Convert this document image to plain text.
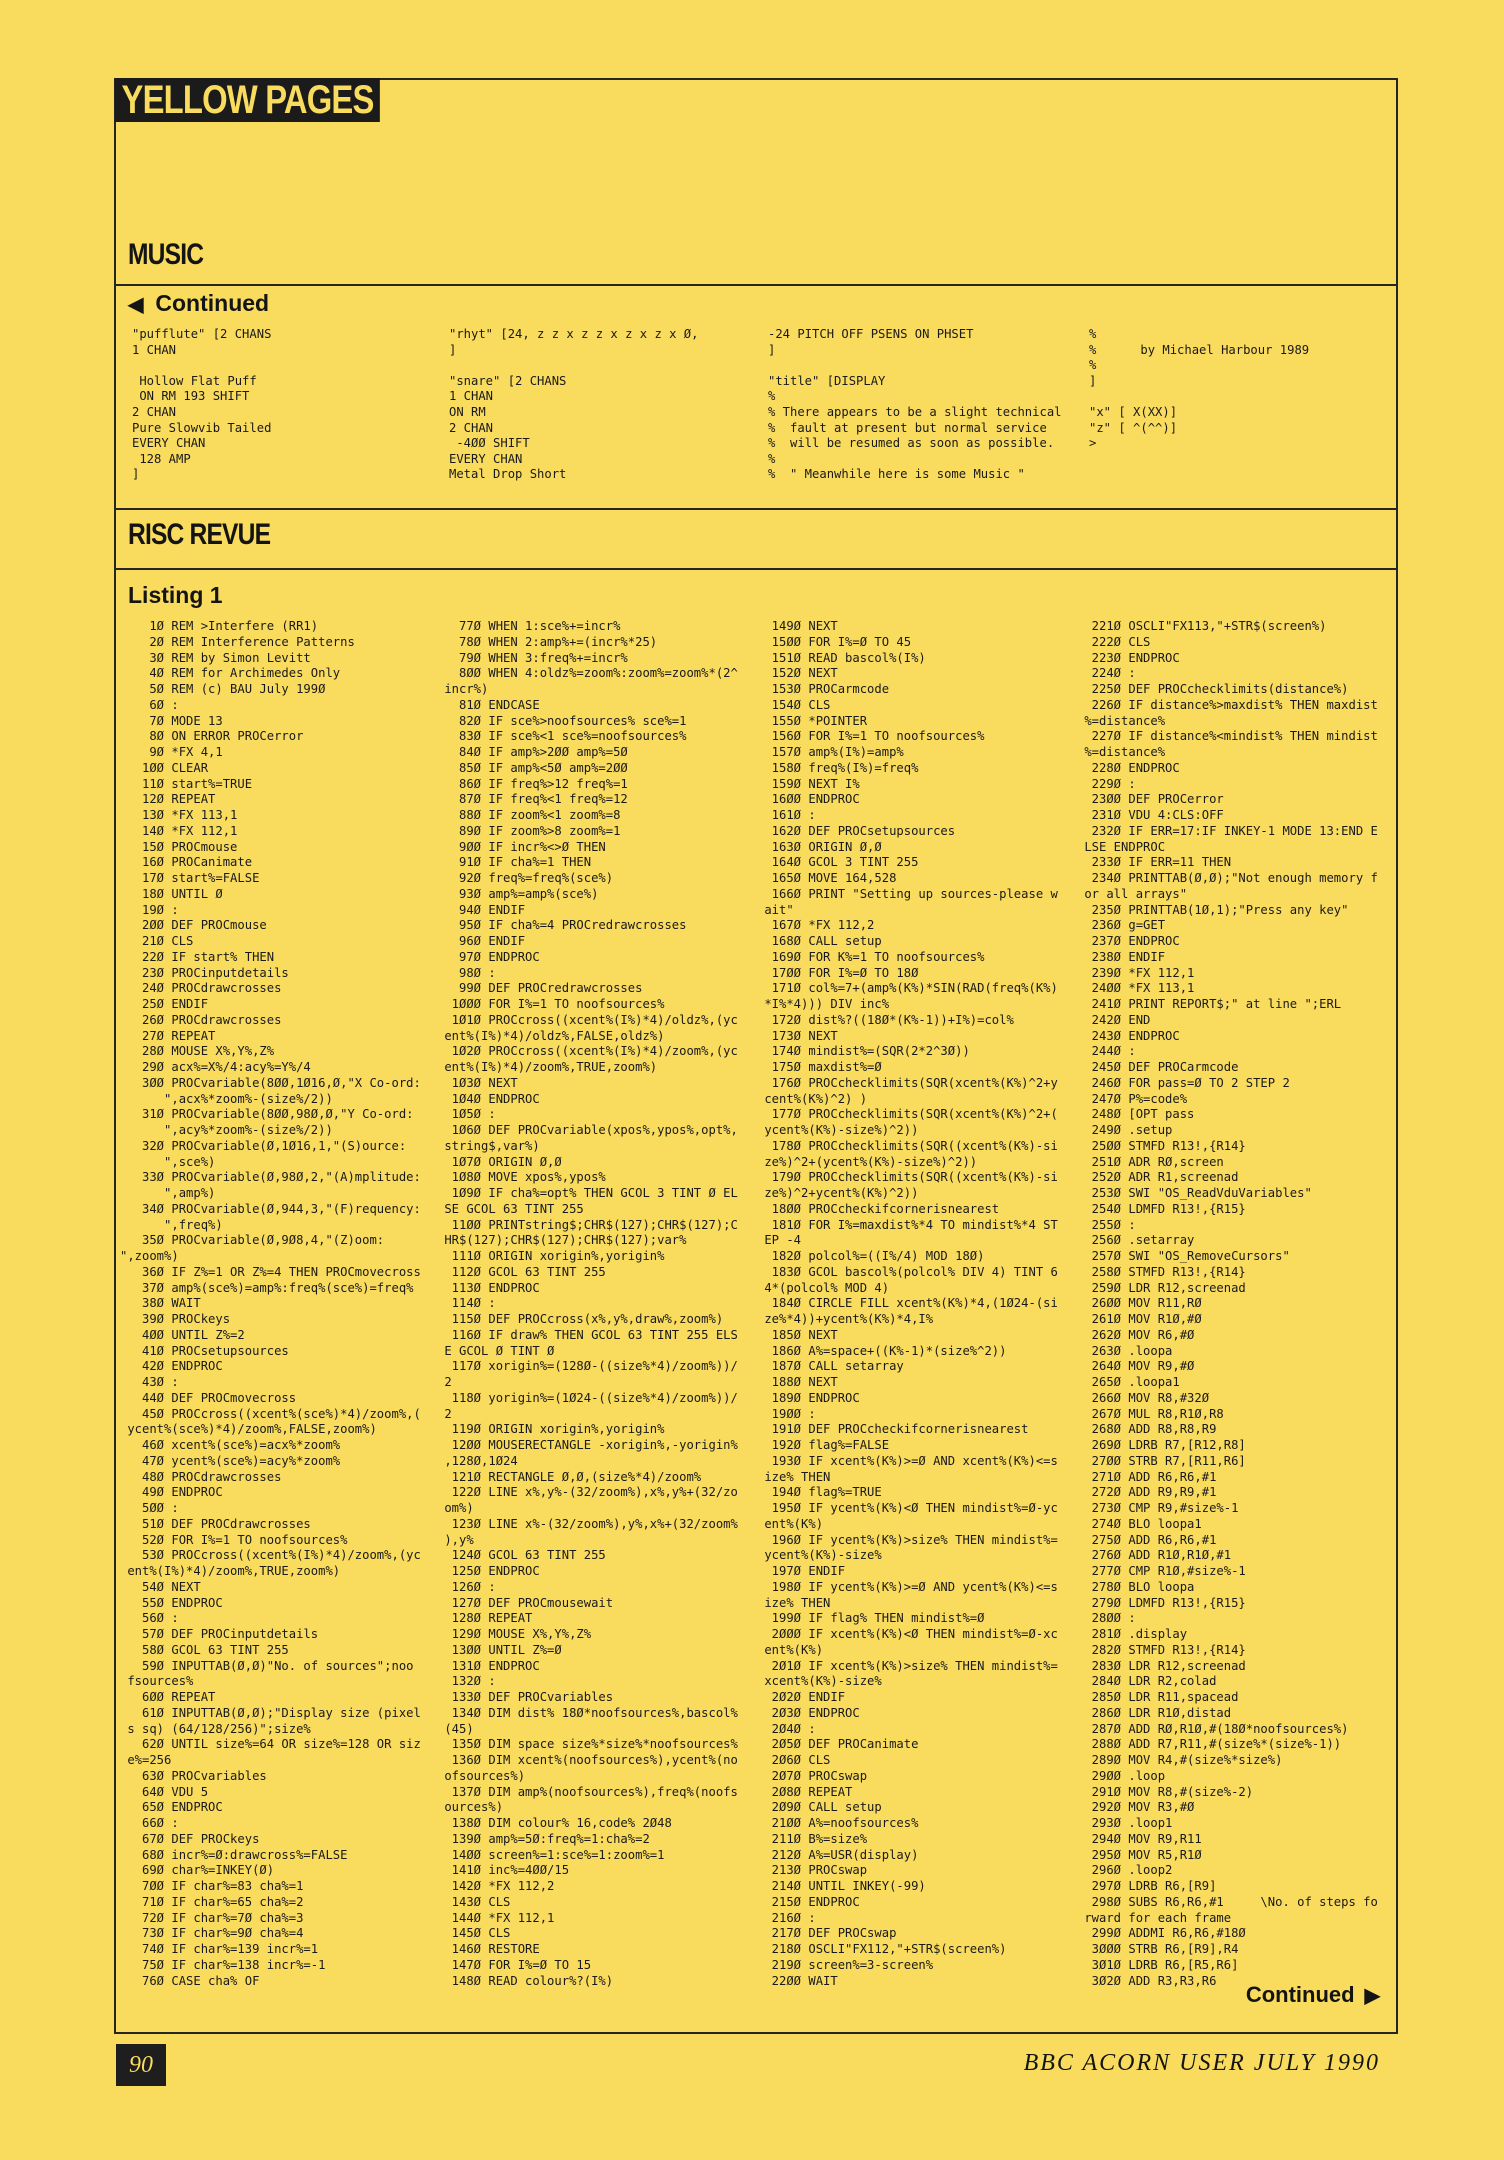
YELLOW PAGES
MUSIC
◀ Continued
"pufflute" [2 CHANS
1 CHAN

Hollow Flat Puff
ON RM 193 SHIFT
2 CHAN
Pure Slowvib Tailed
EVERY CHAN
128 AMP
]
"rhyt" [24, z z x z z x z x z x Ø,
]

"snare" [2 CHANS
1 CHAN
ON RM
2 CHAN
-4ØØ SHIFT
EVERY CHAN
Metal Drop Short
-24 PITCH OFF PSENS ON PHSET
]

"title" [DISPLAY
%
% There appears to be a slight technical
%  fault at present but normal service
%  will be resumed as soon as possible.
%
%  " Meanwhile here is some Music "
%
%      by Michael Harbour 1989
%
]

"x" [ X(XX)]
"z" [ ^(^^)]
>
RISC REVUE
Listing 1
1Ø REM >Interfere (RR1)
2Ø REM Interference Patterns
3Ø REM by Simon Levitt
4Ø REM for Archimedes Only
5Ø REM (c) BAU July 199Ø
6Ø :
7Ø MODE 13
8Ø ON ERROR PROCerror
9Ø *FX 4,1
1ØØ CLEAR
11Ø start%=TRUE
12Ø REPEAT
13Ø *FX 113,1
14Ø *FX 112,1
15Ø PROCmouse
16Ø PROCanimate
17Ø start%=FALSE
18Ø UNTIL Ø
19Ø :
2ØØ DEF PROCmouse
21Ø CLS
22Ø IF start% THEN
23Ø PROCinputdetails
24Ø PROCdrawcrosses
25Ø ENDIF
26Ø PROCdrawcrosses
27Ø REPEAT
28Ø MOUSE X%,Y%,Z%
29Ø acx%=X%/4:acy%=Y%/4
3ØØ PROCvariable(8ØØ,1Ø16,Ø,"X Co-ord:
",acx%*zoom%-(size%/2))
31Ø PROCvariable(8ØØ,98Ø,Ø,"Y Co-ord:
",acy%*zoom%-(size%/2))
32Ø PROCvariable(Ø,1Ø16,1,"(S)ource:
",sce%)
33Ø PROCvariable(Ø,98Ø,2,"(A)mplitude:
",amp%)
34Ø PROCvariable(Ø,944,3,"(F)requency:
",freq%)
35Ø PROCvariable(Ø,9Ø8,4,"(Z)oom:
",zoom%)
36Ø IF Z%=1 OR Z%=4 THEN PROCmovecross
37Ø amp%(sce%)=amp%:freq%(sce%)=freq%
38Ø WAIT
39Ø PROCkeys
4ØØ UNTIL Z%=2
41Ø PROCsetupsources
42Ø ENDPROC
43Ø :
44Ø DEF PROCmovecross
45Ø PROCcross((xcent%(sce%)*4)/zoom%,(
ycent%(sce%)*4)/zoom%,FALSE,zoom%)
46Ø xcent%(sce%)=acx%*zoom%
47Ø ycent%(sce%)=acy%*zoom%
48Ø PROCdrawcrosses
49Ø ENDPROC
5ØØ :
51Ø DEF PROCdrawcrosses
52Ø FOR I%=1 TO noofsources%
53Ø PROCcross((xcent%(I%)*4)/zoom%,(yc
ent%(I%)*4)/zoom%,TRUE,zoom%)
54Ø NEXT
55Ø ENDPROC
56Ø :
57Ø DEF PROCinputdetails
58Ø GCOL 63 TINT 255
59Ø INPUTTAB(Ø,Ø)"No. of sources";noo
fsources%
6ØØ REPEAT
61Ø INPUTTAB(Ø,Ø);"Display size (pixel
s sq) (64/128/256)";size%
62Ø UNTIL size%=64 OR size%=128 OR siz
e%=256
63Ø PROCvariables
64Ø VDU 5
65Ø ENDPROC
66Ø :
67Ø DEF PROCkeys
68Ø incr%=Ø:drawcross%=FALSE
69Ø char%=INKEY(Ø)
7ØØ IF char%=83 cha%=1
71Ø IF char%=65 cha%=2
72Ø IF char%=7Ø cha%=3
73Ø IF char%=9Ø cha%=4
74Ø IF char%=139 incr%=1
75Ø IF char%=138 incr%=-1
76Ø CASE cha% OF
77Ø WHEN 1:sce%+=incr%
78Ø WHEN 2:amp%+=(incr%*25)
79Ø WHEN 3:freq%+=incr%
8ØØ WHEN 4:oldz%=zoom%:zoom%=zoom%*(2^
incr%)
81Ø ENDCASE
82Ø IF sce%>noofsources% sce%=1
83Ø IF sce%<1 sce%=noofsources%
84Ø IF amp%>2ØØ amp%=5Ø
85Ø IF amp%<5Ø amp%=2ØØ
86Ø IF freq%>12 freq%=1
87Ø IF freq%<1 freq%=12
88Ø IF zoom%<1 zoom%=8
89Ø IF zoom%>8 zoom%=1
9ØØ IF incr%<>Ø THEN
91Ø IF cha%=1 THEN
92Ø freq%=freq%(sce%)
93Ø amp%=amp%(sce%)
94Ø ENDIF
95Ø IF cha%=4 PROCredrawcrosses
96Ø ENDIF
97Ø ENDPROC
98Ø :
99Ø DEF PROCredrawcrosses
1ØØØ FOR I%=1 TO noofsources%
1Ø1Ø PROCcross((xcent%(I%)*4)/oldz%,(yc
ent%(I%)*4)/oldz%,FALSE,oldz%)
1Ø2Ø PROCcross((xcent%(I%)*4)/zoom%,(yc
ent%(I%)*4)/zoom%,TRUE,zoom%)
1Ø3Ø NEXT
1Ø4Ø ENDPROC
1Ø5Ø :
1Ø6Ø DEF PROCvariable(xpos%,ypos%,opt%,
string$,var%)
1Ø7Ø ORIGIN Ø,Ø
1Ø8Ø MOVE xpos%,ypos%
1Ø9Ø IF cha%=opt% THEN GCOL 3 TINT Ø EL
SE GCOL 63 TINT 255
11ØØ PRINTstring$;CHR$(127);CHR$(127);C
HR$(127);CHR$(127);CHR$(127);var%
111Ø ORIGIN xorigin%,yorigin%
112Ø GCOL 63 TINT 255
113Ø ENDPROC
114Ø :
115Ø DEF PROCcross(x%,y%,draw%,zoom%)
116Ø IF draw% THEN GCOL 63 TINT 255 ELS
E GCOL Ø TINT Ø
117Ø xorigin%=(128Ø-((size%*4)/zoom%))/
2
118Ø yorigin%=(1Ø24-((size%*4)/zoom%))/
2
119Ø ORIGIN xorigin%,yorigin%
12ØØ MOUSERECTANGLE -xorigin%,-yorigin%
,128Ø,1Ø24
121Ø RECTANGLE Ø,Ø,(size%*4)/zoom%
122Ø LINE x%,y%-(32/zoom%),x%,y%+(32/zo
om%)
123Ø LINE x%-(32/zoom%),y%,x%+(32/zoom%
),y%
124Ø GCOL 63 TINT 255
125Ø ENDPROC
126Ø :
127Ø DEF PROCmousewait
128Ø REPEAT
129Ø MOUSE X%,Y%,Z%
13ØØ UNTIL Z%=Ø
131Ø ENDPROC
132Ø :
133Ø DEF PROCvariables
134Ø DIM dist% 18Ø*noofsources%,bascol%
(45)
135Ø DIM space size%*size%*noofsources%
136Ø DIM xcent%(noofsources%),ycent%(no
ofsources%)
137Ø DIM amp%(noofsources%),freq%(noofs
ources%)
138Ø DIM colour% 16,code% 2Ø48
139Ø amp%=5Ø:freq%=1:cha%=2
14ØØ screen%=1:sce%=1:zoom%=1
141Ø inc%=4ØØ/15
142Ø *FX 112,2
143Ø CLS
144Ø *FX 112,1
145Ø CLS
146Ø RESTORE
147Ø FOR I%=Ø TO 15
148Ø READ colour%?(I%)
149Ø NEXT
15ØØ FOR I%=Ø TO 45
151Ø READ bascol%(I%)
152Ø NEXT
153Ø PROCarmcode
154Ø CLS
155Ø *POINTER
156Ø FOR I%=1 TO noofsources%
157Ø amp%(I%)=amp%
158Ø freq%(I%)=freq%
159Ø NEXT I%
16ØØ ENDPROC
161Ø :
162Ø DEF PROCsetupsources
163Ø ORIGIN Ø,Ø
164Ø GCOL 3 TINT 255
165Ø MOVE 164,528
166Ø PRINT "Setting up sources-please w
ait"
167Ø *FX 112,2
168Ø CALL setup
169Ø FOR K%=1 TO noofsources%
17ØØ FOR I%=Ø TO 18Ø
171Ø col%=7+(amp%(K%)*SIN(RAD(freq%(K%)
*I%*4))) DIV inc%
172Ø dist%?((18Ø*(K%-1))+I%)=col%
173Ø NEXT
174Ø mindist%=(SQR(2*2^3Ø))
175Ø maxdist%=Ø
176Ø PROCchecklimits(SQR(xcent%(K%)^2+y
cent%(K%)^2) )
177Ø PROCchecklimits(SQR(xcent%(K%)^2+(
ycent%(K%)-size%)^2))
178Ø PROCchecklimits(SQR((xcent%(K%)-si
ze%)^2+(ycent%(K%)-size%)^2))
179Ø PROCchecklimits(SQR((xcent%(K%)-si
ze%)^2+ycent%(K%)^2))
18ØØ PROCcheckifcornerisnearest
181Ø FOR I%=maxdist%*4 TO mindist%*4 ST
EP -4
182Ø polcol%=((I%/4) MOD 18Ø)
183Ø GCOL bascol%(polcol% DIV 4) TINT 6
4*(polcol% MOD 4)
184Ø CIRCLE FILL xcent%(K%)*4,(1Ø24-(si
ze%*4))+ycent%(K%)*4,I%
185Ø NEXT
186Ø A%=space+((K%-1)*(size%^2))
187Ø CALL setarray
188Ø NEXT
189Ø ENDPROC
19ØØ :
191Ø DEF PROCcheckifcornerisnearest
192Ø flag%=FALSE
193Ø IF xcent%(K%)>=Ø AND xcent%(K%)<=s
ize% THEN
194Ø flag%=TRUE
195Ø IF ycent%(K%)<Ø THEN mindist%=Ø-yc
ent%(K%)
196Ø IF ycent%(K%)>size% THEN mindist%=
ycent%(K%)-size%
197Ø ENDIF
198Ø IF ycent%(K%)>=Ø AND ycent%(K%)<=s
ize% THEN
199Ø IF flag% THEN mindist%=Ø
2ØØØ IF xcent%(K%)<Ø THEN mindist%=Ø-xc
ent%(K%)
2Ø1Ø IF xcent%(K%)>size% THEN mindist%=
xcent%(K%)-size%
2Ø2Ø ENDIF
2Ø3Ø ENDPROC
2Ø4Ø :
2Ø5Ø DEF PROCanimate
2Ø6Ø CLS
2Ø7Ø PROCswap
2Ø8Ø REPEAT
2Ø9Ø CALL setup
21ØØ A%=noofsources%
211Ø B%=size%
212Ø A%=USR(display)
213Ø PROCswap
214Ø UNTIL INKEY(-99)
215Ø ENDPROC
216Ø :
217Ø DEF PROCswap
218Ø OSCLI"FX112,"+STR$(screen%)
219Ø screen%=3-screen%
22ØØ WAIT
221Ø OSCLI"FX113,"+STR$(screen%)
222Ø CLS
223Ø ENDPROC
224Ø :
225Ø DEF PROCchecklimits(distance%)
226Ø IF distance%>maxdist% THEN maxdist
%=distance%
227Ø IF distance%<mindist% THEN mindist
%=distance%
228Ø ENDPROC
229Ø :
23ØØ DEF PROCerror
231Ø VDU 4:CLS:OFF
232Ø IF ERR=17:IF INKEY-1 MODE 13:END E
LSE ENDPROC
233Ø IF ERR=11 THEN
234Ø PRINTTAB(Ø,Ø);"Not enough memory f
or all arrays"
235Ø PRINTTAB(1Ø,1);"Press any key"
236Ø g=GET
237Ø ENDPROC
238Ø ENDIF
239Ø *FX 112,1
24ØØ *FX 113,1
241Ø PRINT REPORT$;" at line ";ERL
242Ø END
243Ø ENDPROC
244Ø :
245Ø DEF PROCarmcode
246Ø FOR pass=Ø TO 2 STEP 2
247Ø P%=code%
248Ø [OPT pass
249Ø .setup
25ØØ STMFD R13!,{R14}
251Ø ADR RØ,screen
252Ø ADR R1,screenad
253Ø SWI "OS_ReadVduVariables"
254Ø LDMFD R13!,{R15}
255Ø :
256Ø .setarray
257Ø SWI "OS_RemoveCursors"
258Ø STMFD R13!,{R14}
259Ø LDR R12,screenad
26ØØ MOV R11,RØ
261Ø MOV R1Ø,#Ø
262Ø MOV R6,#Ø
263Ø .loopa
264Ø MOV R9,#Ø
265Ø .loopa1
266Ø MOV R8,#32Ø
267Ø MUL R8,R1Ø,R8
268Ø ADD R8,R8,R9
269Ø LDRB R7,[R12,R8]
27ØØ STRB R7,[R11,R6]
271Ø ADD R6,R6,#1
272Ø ADD R9,R9,#1
273Ø CMP R9,#size%-1
274Ø BLO loopa1
275Ø ADD R6,R6,#1
276Ø ADD R1Ø,R1Ø,#1
277Ø CMP R1Ø,#size%-1
278Ø BLO loopa
279Ø LDMFD R13!,{R15}
28ØØ :
281Ø .display
282Ø STMFD R13!,{R14}
283Ø LDR R12,screenad
284Ø LDR R2,colad
285Ø LDR R11,spacead
286Ø LDR R1Ø,distad
287Ø ADD RØ,R1Ø,#(18Ø*noofsources%)
288Ø ADD R7,R11,#(size%*(size%-1))
289Ø MOV R4,#(size%*size%)
29ØØ .loop
291Ø MOV R8,#(size%-2)
292Ø MOV R3,#Ø
293Ø .loop1
294Ø MOV R9,R11
295Ø MOV R5,R1Ø
296Ø .loop2
297Ø LDRB R6,[R9]
298Ø SUBS R6,R6,#1     \No. of steps fo
rward for each frame
299Ø ADDMI R6,R6,#18Ø
3ØØØ STRB R6,[R9],R4
3Ø1Ø LDRB R6,[R5,R6]
3Ø2Ø ADD R3,R3,R6
Continued ▶
90	BBC ACORN USER JULY 1990
